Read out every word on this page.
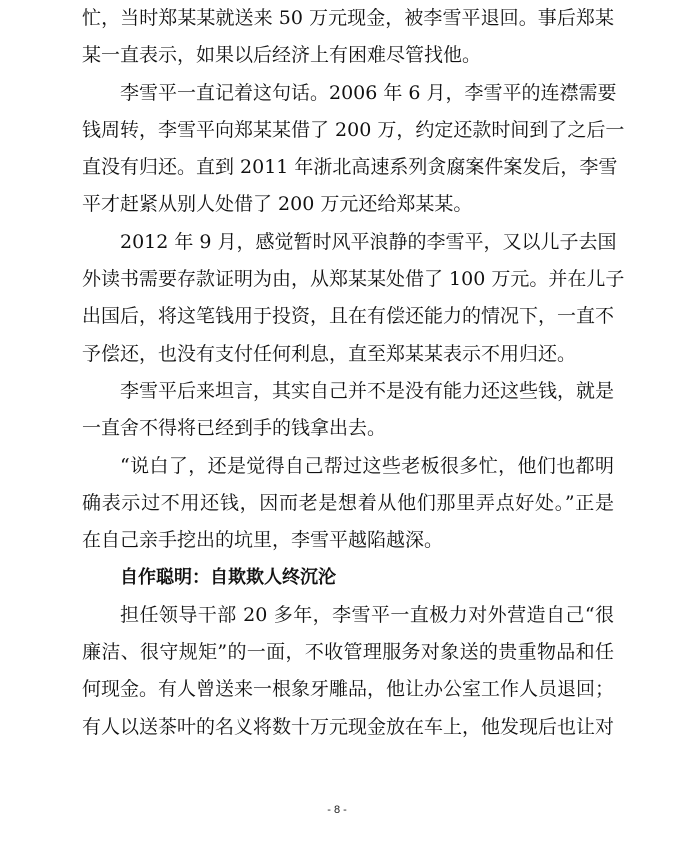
忙，当时郑某某就送来 50 万元现金，被李雪平退回。事后郑某
某一直表示，如果以后经济上有困难尽管找他。
李雪平一直记着这句话。2006 年 6 月，李雪平的连襟需要
钱周转，李雪平向郑某某借了 200 万，约定还款时间到了之后一
直没有归还。直到 2011 年浙北高速系列贪腐案件案发后，李雪
平才赶紧从别人处借了 200 万元还给郑某某。
2012 年 9 月，感觉暂时风平浪静的李雪平，又以儿子去国
外读书需要存款证明为由，从郑某某处借了 100 万元。并在儿子
出国后，将这笔钱用于投资，且在有偿还能力的情况下，一直不
予偿还，也没有支付任何利息，直至郑某某表示不用归还。
李雪平后来坦言，其实自己并不是没有能力还这些钱，就是
一直舍不得将已经到手的钱拿出去。
“说白了，还是觉得自己帮过这些老板很多忙，他们也都明
确表示过不用还钱，因而老是想着从他们那里弄点好处。”正是
在自己亲手挖出的坑里，李雪平越陷越深。
自作聪明：自欺欺人终沉沦
担任领导干部 20 多年，李雪平一直极力对外营造自己“很
廉洁、很守规矩”的一面，不收管理服务对象送的贵重物品和任
何现金。有人曾送来一根象牙雕品，他让办公室工作人员退回；
有人以送茶叶的名义将数十万元现金放在车上，他发现后也让对
- 8 -
